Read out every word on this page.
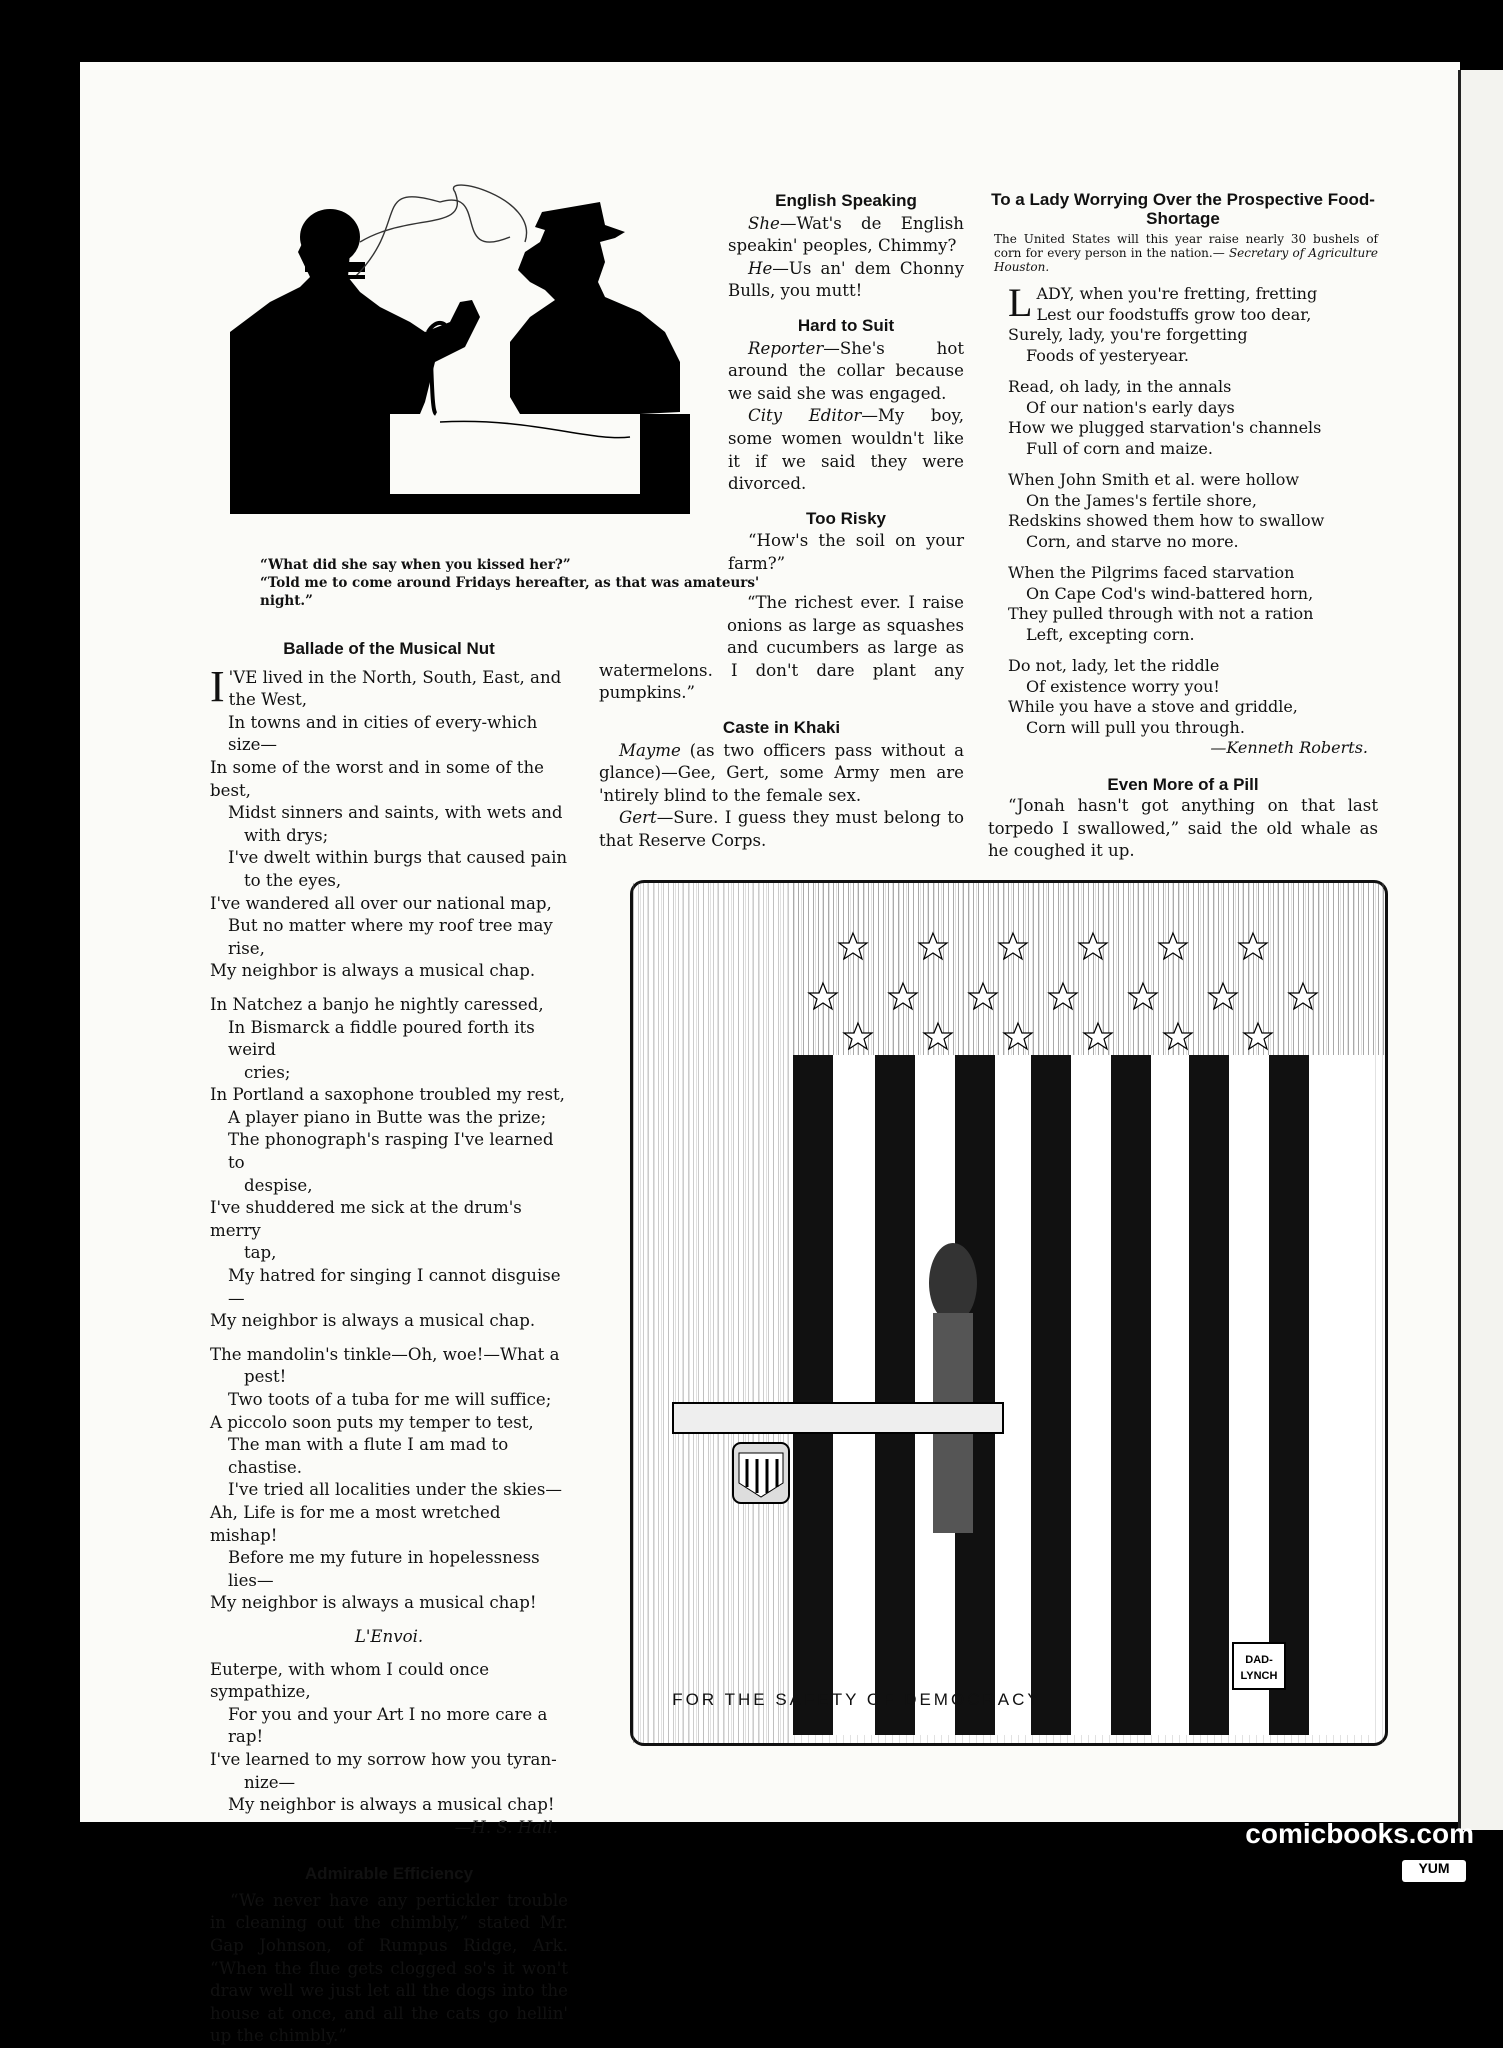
“What did she say when you kissed her?”

“Told me to come around Fridays hereafter, as that was amateurs' night.”

Ballade of the Musical Nut

I 'VE lived in the North, South, East, and

the West,

In towns and in cities of every-which size—

In some of the worst and in some of the best,

Midst sinners and saints, with wets and

with drys;

I've dwelt within burgs that caused pain

to the eyes,

I've wandered all over our national map,

But no matter where my roof tree may rise,

My neighbor is always a musical chap.

In Natchez a banjo he nightly caressed,

In Bismarck a fiddle poured forth its weird

cries;

In Portland a saxophone troubled my rest,

A player piano in Butte was the prize;

The phonograph's rasping I've learned to

despise,

I've shuddered me sick at the drum's merry

tap,

My hatred for singing I cannot disguise—

My neighbor is always a musical chap.

The mandolin's tinkle—Oh, woe!—What a

pest!

Two toots of a tuba for me will suffice;

A piccolo soon puts my temper to test,

The man with a flute I am mad to chastise.

I've tried all localities under the skies—

Ah, Life is for me a most wretched mishap!

Before me my future in hopelessness lies—

My neighbor is always a musical chap!

L'Envoi.

Euterpe, with whom I could once sympathize,

For you and your Art I no more care a rap!

I've learned to my sorrow how you tyran-

nize—

My neighbor is always a musical chap!

—H. S. Hall.

Admirable Efficiency

“We never have any pertickler trouble in cleaning out the chimbly,” stated Mr. Gap Johnson, of Rumpus Ridge, Ark. “When the flue gets clogged so's it won't draw well we just let all the dogs into the house at once, and all the cats go hellin' up the chimbly.”

English Speaking

She—Wat's de English speakin' peoples, Chimmy?

He—Us an' dem Chonny Bulls, you mutt!

Hard to Suit

Reporter—She's hot around the collar because we said she was engaged.

City Editor—My boy, some women wouldn't like it if we said they were divorced.

Too Risky

“How's the soil on your farm?”

“The richest ever. I raise onions as large as squashes and cucumbers as large as watermelons. I don't dare plant any pumpkins.”

Caste in Khaki

Mayme (as two officers pass without a glance)—Gee, Gert, some Army men are 'ntirely blind to the female sex.

Gert—Sure. I guess they must belong to that Reserve Corps.

To a Lady Worrying Over the Prospective Food-Shortage

The United States will this year raise nearly 30 bushels of corn for every person in the nation.— Secretary of Agriculture Houston.

L ADY, when you're fretting, fretting

Lest our foodstuffs grow too dear,

Surely, lady, you're forgetting

Foods of yesteryear.

Read, oh lady, in the annals

Of our nation's early days

How we plugged starvation's channels

Full of corn and maize.

When John Smith et al. were hollow

On the James's fertile shore,

Redskins showed them how to swallow

Corn, and starve no more.

When the Pilgrims faced starvation

On Cape Cod's wind-battered horn,

They pulled through with not a ration

Left, excepting corn.

Do not, lady, let the riddle

Of existence worry you!

While you have a stove and griddle,

Corn will pull you through.

—Kenneth Roberts.

Even More of a Pill

“Jonah hasn't got anything on that last torpedo I swallowed,” said the old whale as he coughed it up.

DAD-
LYNCH
FOR THE SAFETY OF DEMOCRACY
comicbooks.com
YUM
